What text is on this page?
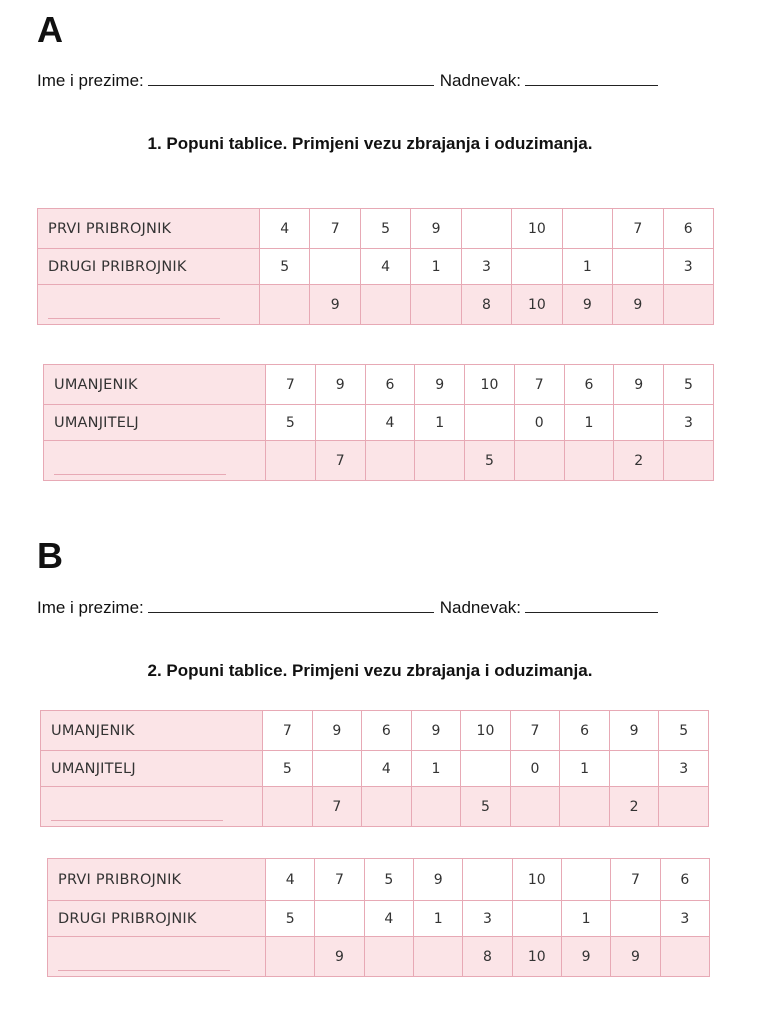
A
Ime i prezime:	Nadnevak:
1. Popuni tablice. Primjeni vezu zbrajanja i oduzimanja.
PRVI PRIBROJNIK	4	7	5	9		10		7	6
DRUGI PRIBROJNIK	5		4	1	3		1		3

		9			8	10	9	9	
UMANJENIK	7	9	6	9	10	7	6	9	5
UMANJITELJ	5		4	1		0	1		3

		7			5			2	
B
Ime i prezime:	Nadnevak:
2. Popuni tablice. Primjeni vezu zbrajanja i oduzimanja.
UMANJENIK	7	9	6	9	10	7	6	9	5
UMANJITELJ	5		4	1		0	1		3

		7			5			2	
PRVI PRIBROJNIK	4	7	5	9		10		7	6
DRUGI PRIBROJNIK	5		4	1	3		1		3

		9			8	10	9	9	
